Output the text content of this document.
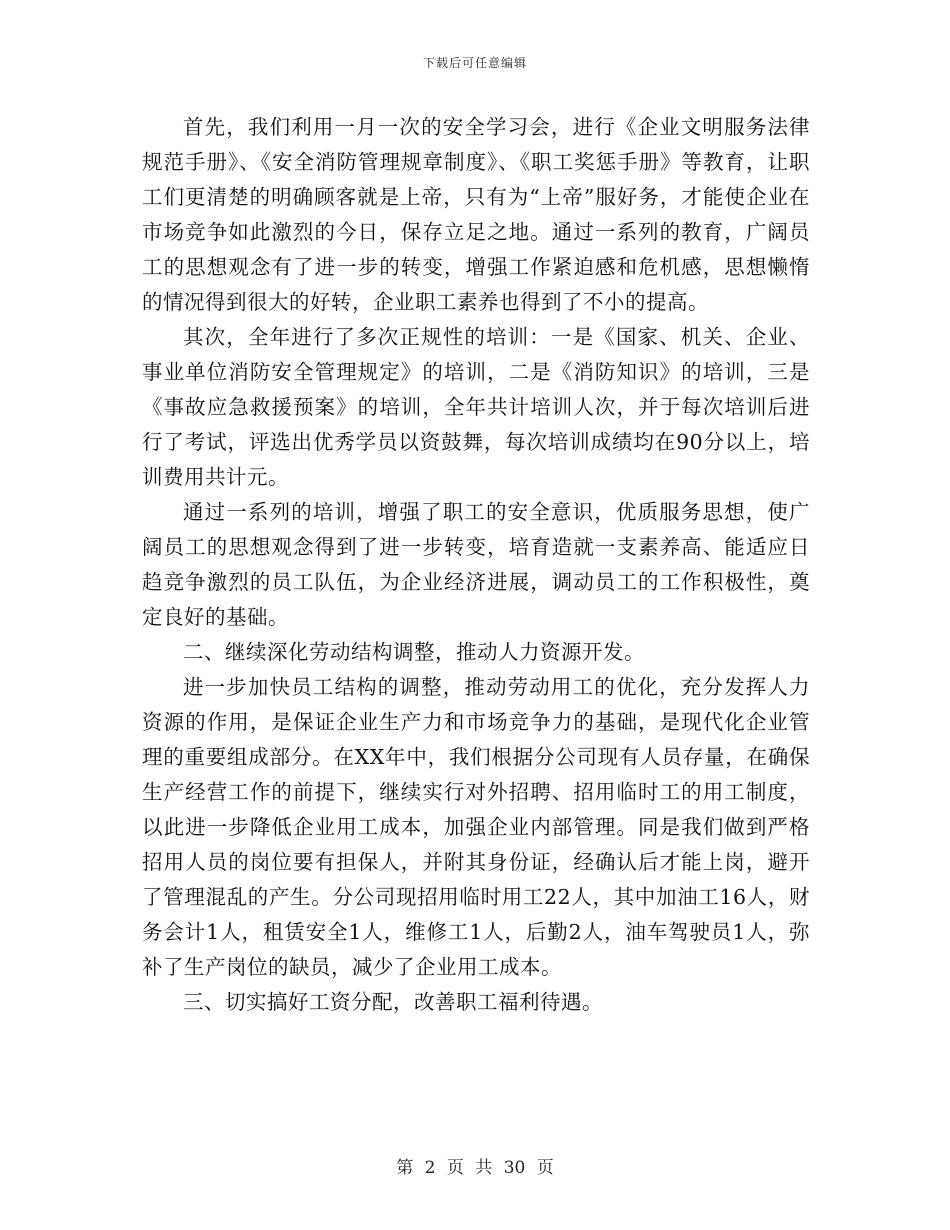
下载后可任意编辑

首先，我们利用一月一次的安全学习会，进行《企业文明服务法律规范手册》、《安全消防管理规章制度》、《职工奖惩手册》等教育，让职工们更清楚的明确顾客就是上帝，只有为“上帝”服好务，才能使企业在市场竞争如此激烈的今日，保存立足之地。通过一系列的教育，广阔员工的思想观念有了进一步的转变，增强工作紧迫感和危机感，思想懒惰的情况得到很大的好转，企业职工素养也得到了不小的提高。

其次，全年进行了多次正规性的培训：一是《国家、机关、企业、事业单位消防安全管理规定》的培训，二是《消防知识》的培训，三是《事故应急救援预案》的培训，全年共计培训人次，并于每次培训后进行了考试，评选出优秀学员以资鼓舞，每次培训成绩均在90分以上，培训费用共计元。

通过一系列的培训，增强了职工的安全意识，优质服务思想，使广阔员工的思想观念得到了进一步转变，培育造就一支素养高、能适应日趋竞争激烈的员工队伍，为企业经济进展，调动员工的工作积极性，奠定良好的基础。

二、继续深化劳动结构调整，推动人力资源开发。

进一步加快员工结构的调整，推动劳动用工的优化，充分发挥人力资源的作用，是保证企业生产力和市场竞争力的基础，是现代化企业管理的重要组成部分。在XX年中，我们根据分公司现有人员存量，在确保生产经营工作的前提下，继续实行对外招聘、招用临时工的用工制度，以此进一步降低企业用工成本，加强企业内部管理。同是我们做到严格招用人员的岗位要有担保人，并附其身份证，经确认后才能上岗，避开了管理混乱的产生。分公司现招用临时用工22人，其中加油工16人，财务会计1人，租赁安全1人，维修工1人，后勤2人，油车驾驶员1人，弥补了生产岗位的缺员，减少了企业用工成本。

三、切实搞好工资分配，改善职工福利待遇。

第 2 页 共 30 页
